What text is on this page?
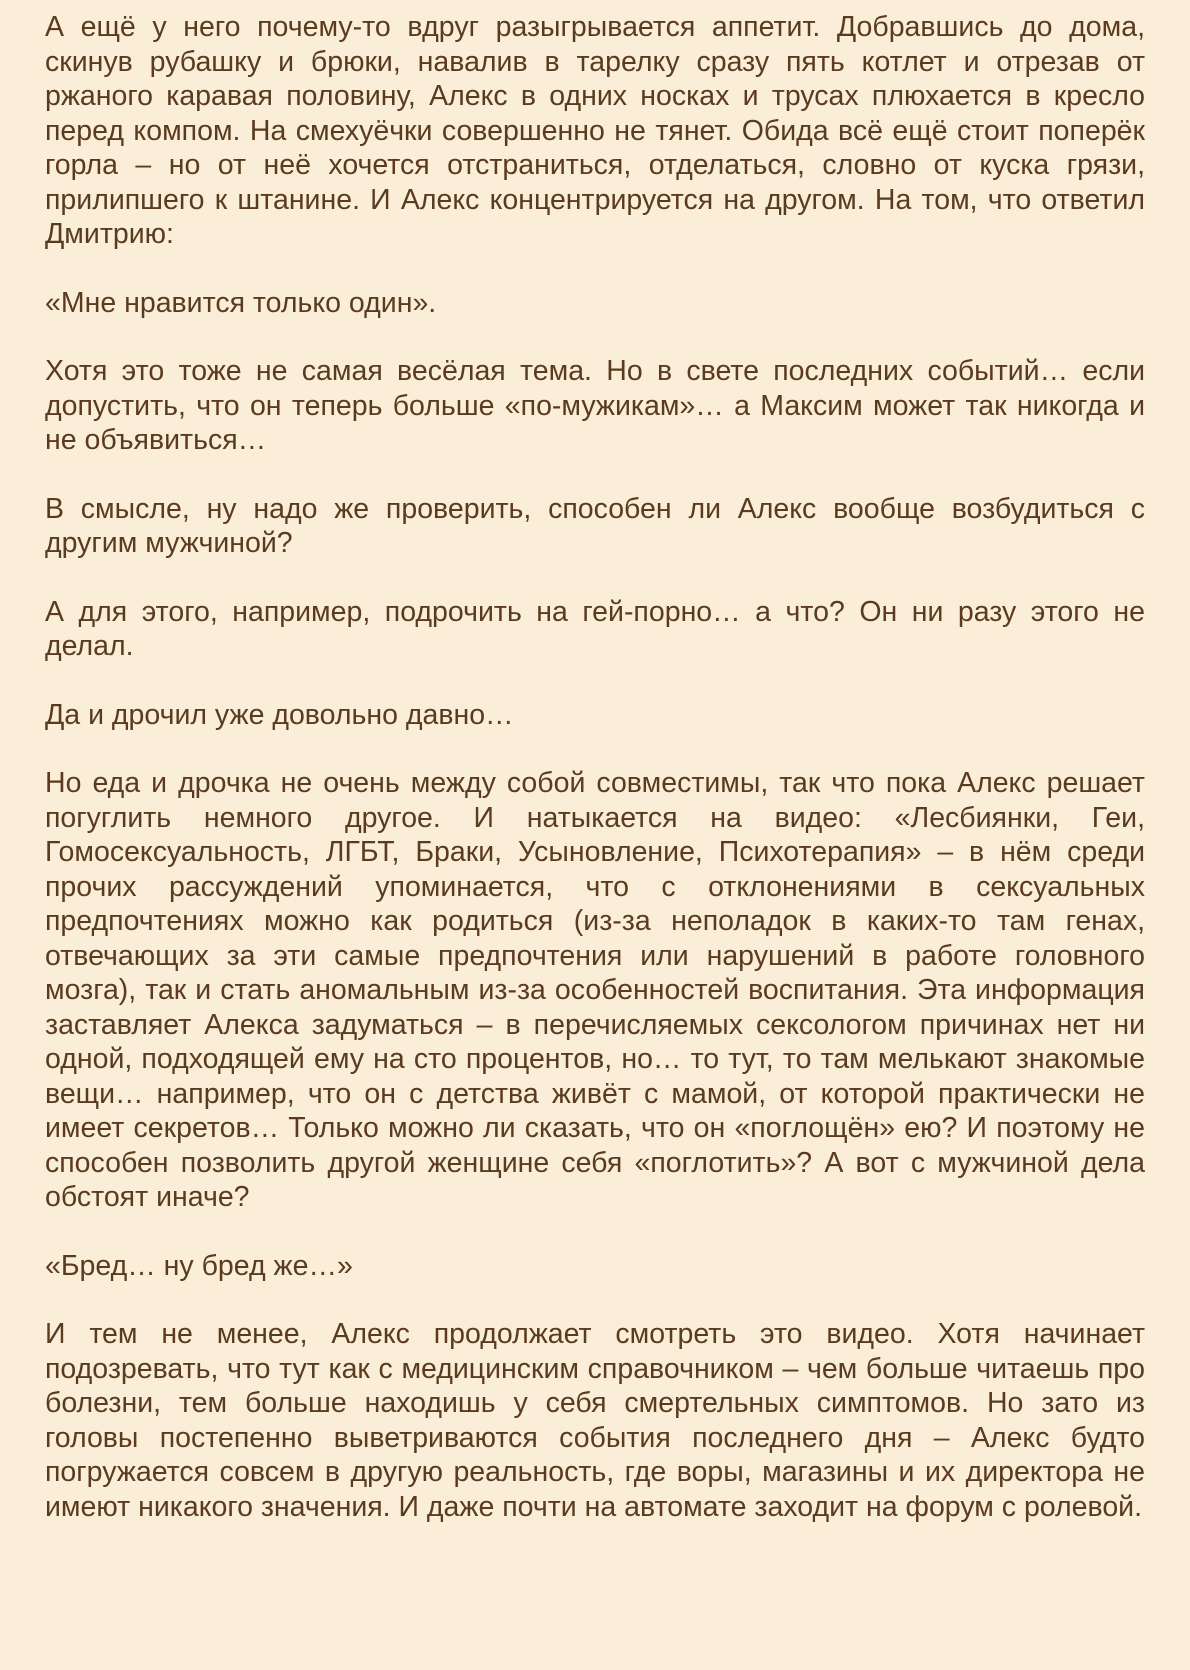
А ещё у него почему-то вдруг разыгрывается аппетит. Добравшись до дома, скинув рубашку и брюки, навалив в тарелку сразу пять котлет и отрезав от ржаного каравая половину, Алекс в одних носках и трусах плюхается в кресло перед компом. На смехуёчки совершенно не тянет. Обида всё ещё стоит поперёк горла – но от неё хочется отстраниться, отделаться, словно от куска грязи, прилипшего к штанине. И Алекс концентрируется на другом. На том, что ответил Дмитрию:

«Мне нравится только один».

Хотя это тоже не самая весёлая тема. Но в свете последних событий… если допустить, что он теперь больше «по-мужикам»… а Максим может так никогда и не объявиться…

В смысле, ну надо же проверить, способен ли Алекс вообще возбудиться с другим мужчиной?

А для этого, например, подрочить на гей-порно… а что? Он ни разу этого не делал.

Да и дрочил уже довольно давно…

Но еда и дрочка не очень между собой совместимы, так что пока Алекс решает погуглить немного другое. И натыкается на видео: «Лесбиянки, Геи, Гомосексуальность, ЛГБТ, Браки, Усыновление, Психотерапия» – в нём среди прочих рассуждений упоминается, что с отклонениями в сексуальных предпочтениях можно как родиться (из-за неполадок в каких-то там генах, отвечающих за эти самые предпочтения или нарушений в работе головного мозга), так и стать аномальным из-за особенностей воспитания. Эта информация заставляет Алекса задуматься – в перечисляемых сексологом причинах нет ни одной, подходящей ему на сто процентов, но… то тут, то там мелькают знакомые вещи… например, что он с детства живёт с мамой, от которой практически не имеет секретов… Только можно ли сказать, что он «поглощён» ею? И поэтому не способен позволить другой женщине себя «поглотить»? А вот с мужчиной дела обстоят иначе?

«Бред… ну бред же…»

И тем не менее, Алекс продолжает смотреть это видео. Хотя начинает подозревать, что тут как с медицинским справочником – чем больше читаешь про болезни, тем больше находишь у себя смертельных симптомов. Но зато из головы постепенно выветриваются события последнего дня – Алекс будто погружается совсем в другую реальность, где воры, магазины и их директора не имеют никакого значения. И даже почти на автомате заходит на форум с ролевой.
